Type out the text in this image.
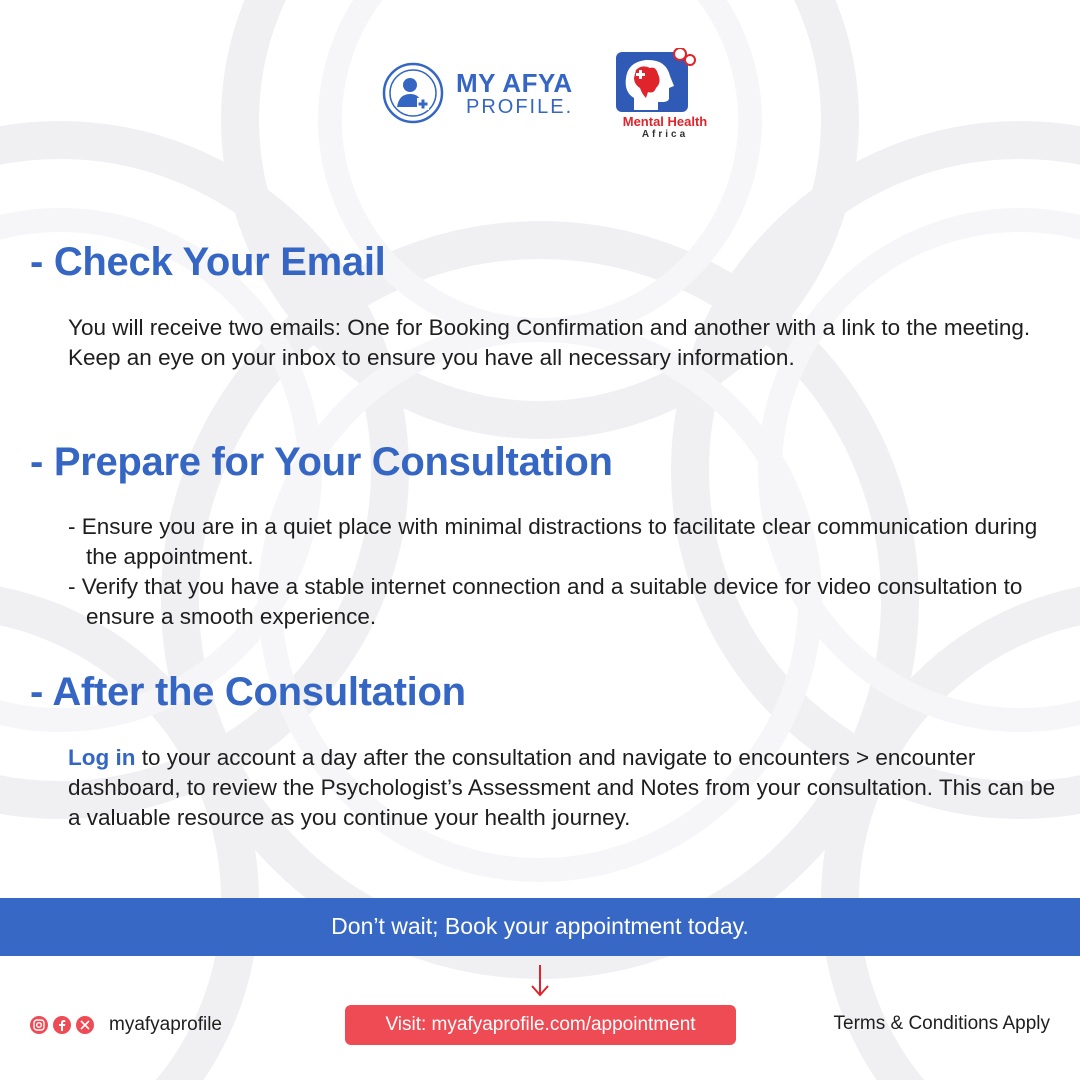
MY AFYA
PROFILE.
Mental Health
Africa
- Check Your Email

You will receive two emails: One for Booking Confirmation and another with a link to the meeting. Keep an eye on your inbox to ensure you have all necessary information.

- Prepare for Your Consultation
- Ensure you are in a quiet place with minimal distractions to facilitate clear communication during the appointment.
- Verify that you have a stable internet connection and a suitable device for video consultation to ensure a smooth experience.
- After the Consultation

Log in to your account a day after the consultation and navigate to encounters > encounter dashboard, to review the Psychologist’s Assessment and Notes from your consultation. This can be a valuable resource as you continue your health journey.

Don’t wait; Book your appointment today.
myafyaprofile	Visit: myafyaprofile.com/appointment	Terms & Conditions Apply
